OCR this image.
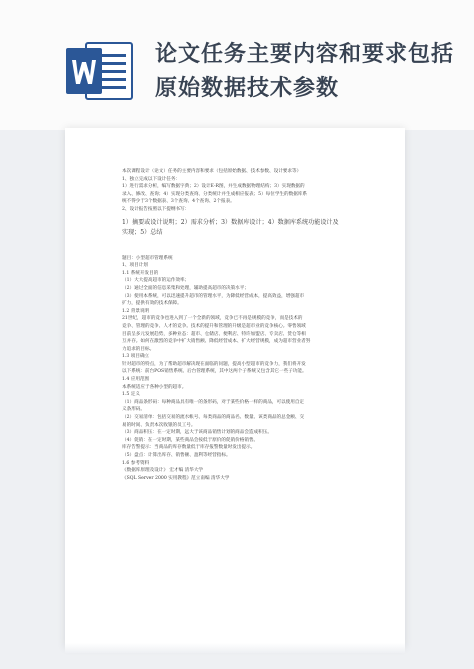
论文任务主要内容和要求包括
原始数据技术参数

本次课程设计（论文）任务的主要内容和要求（包括原始数据、技术参数、设计要求等）

1、独立完成以下设计任务：

1）进行需求分析，编写数据字典；2）设计E-R图，并生成数据物理结构；3）实现数据的

录入、修改、查询；4）实现分类查询、分类统计并生成相应报表；5）每位学生的数据库系

统不得少于3个数据表、3个查询、4个查询、2个报表。

2、设计报告按照以下提纲书写：

1）摘要或设计说明；2）需求分析；3）数据库设计；4）数据库系统功能设计及

实现；5）总结

题目：小型超市管理系统

1、项目计划

1.1 系统开发目的

（1）大大提高超市的运作效率；

（2）通过全面的信息采集和处理，辅助提高超市的决策水平；

（3）使用本系统，可以迅速提升超市的管理水平，为降低经营成本，提高效益，增强超市

扩力，提供有效的技术保障。

1.2 背景说明

21世纪，超市的竞争也进入到了一个全新的领域，竞争已不再是规模的竞争，而是技术的

竞争、管理的竞争、人才的竞争。技术的提升和管理的升级是超市业的竞争核心。零售领域

目前呈多元发展趋势，多种业态：超市、仓储店、便利店、特许加盟店、专卖店、货仓等相

互并存。如何在激烈的竞争中扩大销售额、降低经营成本、扩大经营规模，成为超市营业者努

力追求的目标。

1.3 项目确立

针对超市的特点，为了帮助超市解决现在面临的问题，提高小型超市的竞争力，我们将开发

以下系统：前台POS销售系统、后台管理系统，其中这两个子系统又包含其它一些子功能。

1.4 应用范围

本系统适应于各种小型的超市。

1.5 定义

（1）商品条形码：每种商品具有唯一的条形码，对于某些价格一样的商品，可以使用自定

义条形码。

（2）交易清单：包括交易的流水帐号、每类商品的商品名、数量、该类商品的总金额、交

易的时间、负责本次收银的员工号。

（3）商品积压：在一定时期，远大于该商品销售计划的商品会造成积压。

（4）促销：在一定时期，某些商品会按低于原价的促销价格销售。

库存告警提示：当商品的库存数量低于库存报警数量时发出提示。

（5）盘点：计算出库存、销售额、盈利等经营指标。

1.6 参考资料

《数据库原理及设计》 宏才编 清华大学

《SQL Server 2000 实用教程》范立南编 清华大学
